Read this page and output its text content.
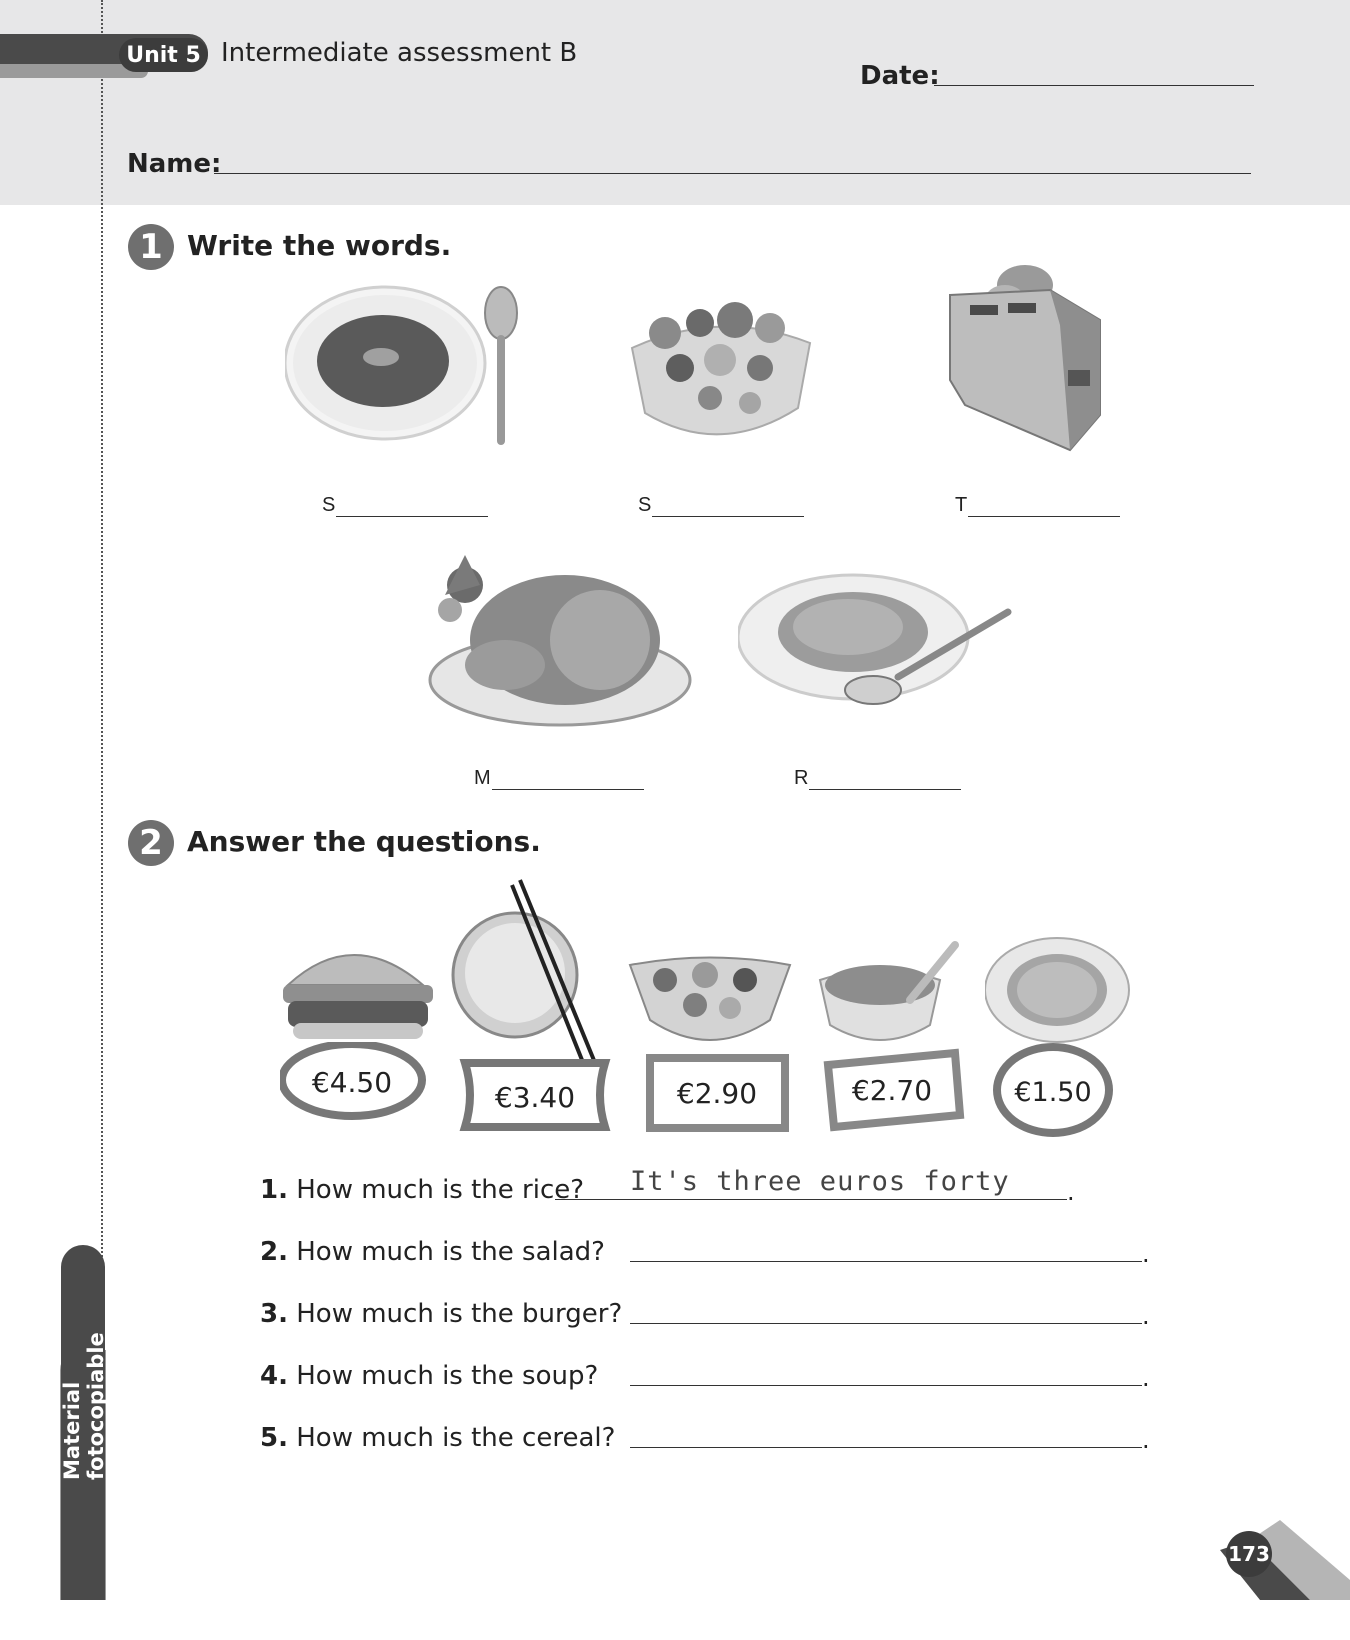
Unit 5 Intermediate assessment B
Date:
Name:
1 Write the words.
S	S	T
M	R
2 Answer the questions.
€4.50	€3.40	€2.90	€2.70	€1.50
1. How much is the rice? It's three euros forty .
2. How much is the salad?	.
3. How much is the burger?	.
4. How much is the soup?	.
5. How much is the cereal?	.
Material fotocopiable
173
